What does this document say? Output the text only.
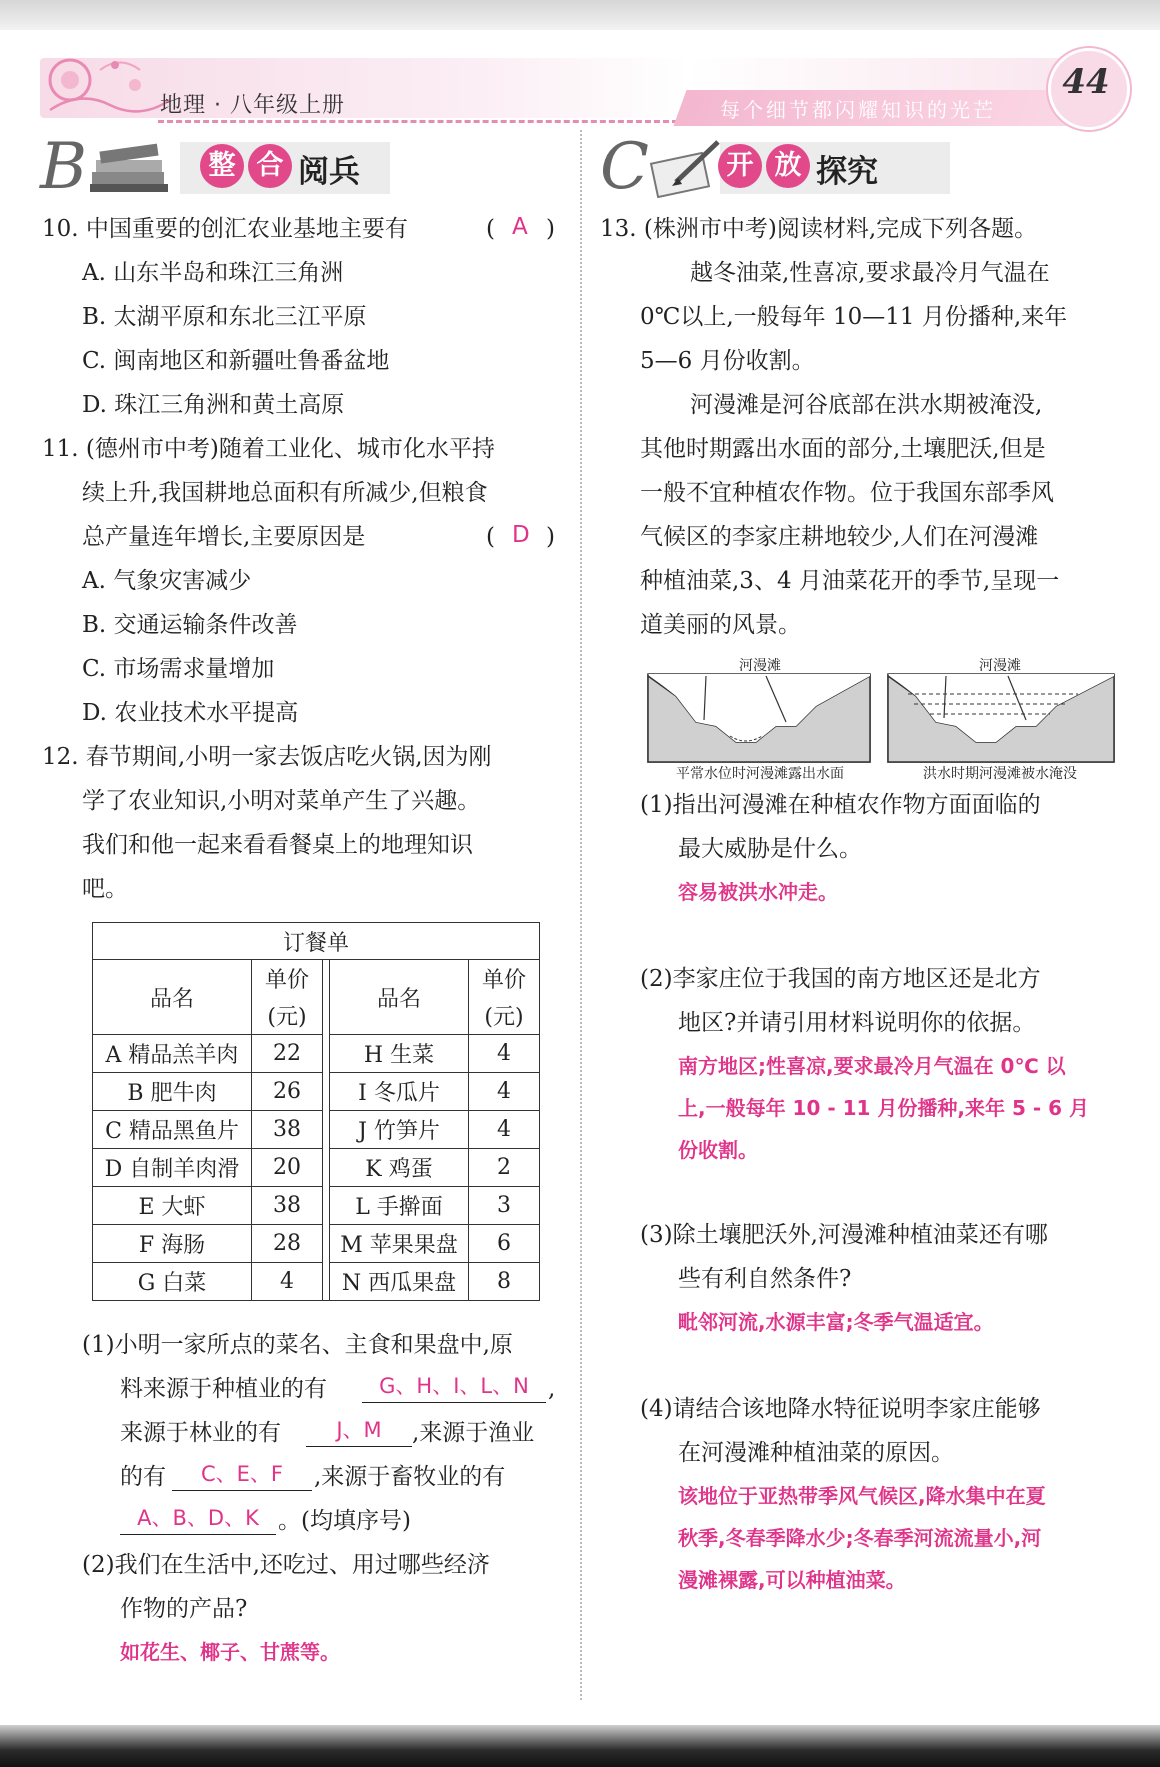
地理 · 八年级上册	每个细节都闪耀知识的光芒
44
B	整 合 阅兵	C	开 放 探究
10. 中国重要的创汇农业基地主要有	( A )
A. 山东半岛和珠江三角洲
B. 太湖平原和东北三江平原
C. 闽南地区和新疆吐鲁番盆地
D. 珠江三角洲和黄土高原
11. (德州市中考)随着工业化、城市化水平持
续上升,我国耕地总面积有所减少,但粮食
总产量连年增长,主要原因是	( D )
A. 气象灾害减少
B. 交通运输条件改善
C. 市场需求量增加
D. 农业技术水平提高
12. 春节期间,小明一家去饭店吃火锅,因为刚
学了农业知识,小明对菜单产生了兴趣。
我们和他一起来看看餐桌上的地理知识
吧。
订餐单				
品名	单价		品名	单价
	(元)			(元)
A 精品羔羊肉	22		H 生菜	4
B 肥牛肉	26		I 冬瓜片	4
C 精品黑鱼片	38		J 竹笋片	4
D 自制羊肉滑	20		K 鸡蛋	2
E 大虾	38		L 手擀面	3
F 海肠	28		M 苹果果盘	6
G 白菜	4		N 西瓜果盘	8
(1)小明一家所点的菜名、主食和果盘中,原
料来源于种植业的有	G、H、I、L、N ,
来源于林业的有	J、M	,来源于渔业
的有	C、E、F	,来源于畜牧业的有
A、B、D、K 。(均填序号)
(2)我们在生活中,还吃过、用过哪些经济
作物的产品?
如花生、椰子、甘蔗等。
13. (株洲市中考)阅读材料,完成下列各题。
越冬油菜,性喜凉,要求最冷月气温在
0℃以上,一般每年 10—11 月份播种,来年
5—6 月份收割。
河漫滩是河谷底部在洪水期被淹没,
其他时期露出水面的部分,土壤肥沃,但是
一般不宜种植农作物。位于我国东部季风
气候区的李家庄耕地较少,人们在河漫滩
种植油菜,3、4 月油菜花开的季节,呈现一
道美丽的风景。
河漫滩	河漫滩
平常水位时河漫滩露出水面	洪水时期河漫滩被水淹没
(1)指出河漫滩在种植农作物方面面临的
最大威胁是什么。
容易被洪水冲走。
(2)李家庄位于我国的南方地区还是北方
地区?并请引用材料说明你的依据。
南方地区;性喜凉,要求最冷月气温在 0℃ 以
上,一般每年 10 - 11 月份播种,来年 5 - 6 月
份收割。
(3)除土壤肥沃外,河漫滩种植油菜还有哪
些有利自然条件?
毗邻河流,水源丰富;冬季气温适宜。
(4)请结合该地降水特征说明李家庄能够
在河漫滩种植油菜的原因。
该地位于亚热带季风气候区,降水集中在夏
秋季,冬春季降水少;冬春季河流流量小,河
漫滩裸露,可以种植油菜。
